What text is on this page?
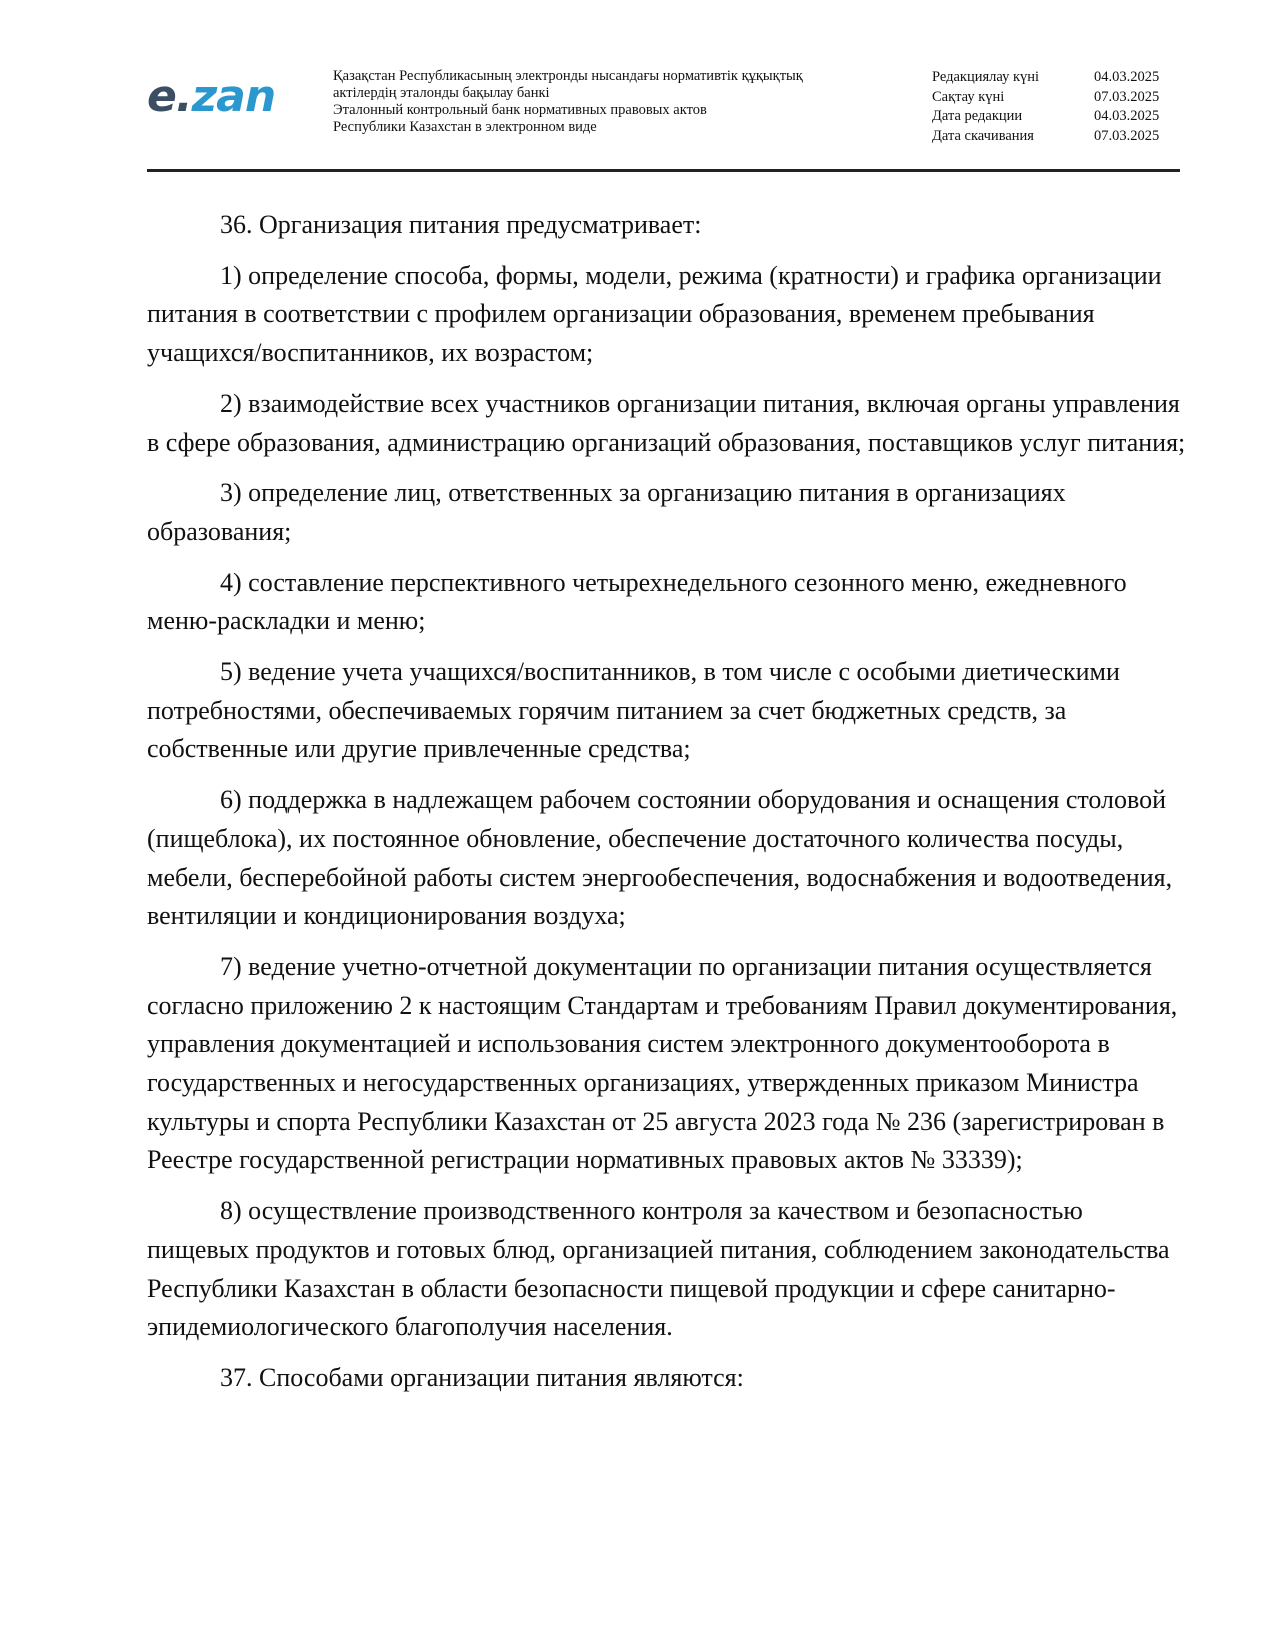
e.zan	Қазақстан Республикасының электронды нысандағы нормативтік құқықтық
актілердің эталонды бақылау банкі
Эталонный контрольный банк нормативных правовых актов
Республики Казахстан в электронном виде
Редакциялау күні	04.03.2025
Сақтау күні	07.03.2025
Дата редакции	04.03.2025
Дата скачивания	07.03.2025

36. Организация питания предусматривает:

1) определение способа, формы, модели, режима (кратности) и графика организации питания в соответствии с профилем организации образования, временем пребывания учащихся/воспитанников, их возрастом;

2) взаимодействие всех участников организации питания, включая органы управления в сфере образования, администрацию организаций образования, поставщиков услуг питания;

3) определение лиц, ответственных за организацию питания в организациях образования;

4) составление перспективного четырехнедельного сезонного меню, ежедневного меню-раскладки и меню;

5) ведение учета учащихся/воспитанников, в том числе с особыми диетическими потребностями, обеспечиваемых горячим питанием за счет бюджетных средств, за собственные или другие привлеченные средства;

6) поддержка в надлежащем рабочем состоянии оборудования и оснащения столовой (пищеблока), их постоянное обновление, обеспечение достаточного количества посуды, мебели, бесперебойной работы систем энергообеспечения, водоснабжения и водоотведения, вентиляции и кондиционирования воздуха;

7) ведение учетно-отчетной документации по организации питания осуществляется согласно приложению 2 к настоящим Стандартам и требованиям Правил документирования, управления документацией и использования систем электронного документооборота в государственных и негосударственных организациях, утвержденных приказом Министра культуры и спорта Республики Казахстан от 25 августа 2023 года № 236 (зарегистрирован в Реестре государственной регистрации нормативных правовых актов № 33339);

8) осуществление производственного контроля за качеством и безопасностью пищевых продуктов и готовых блюд, организацией питания, соблюдением законодательства Республики Казахстан в области безопасности пищевой продукции и сфере санитарно-эпидемиологического благополучия населения.

37. Способами организации питания являются:
